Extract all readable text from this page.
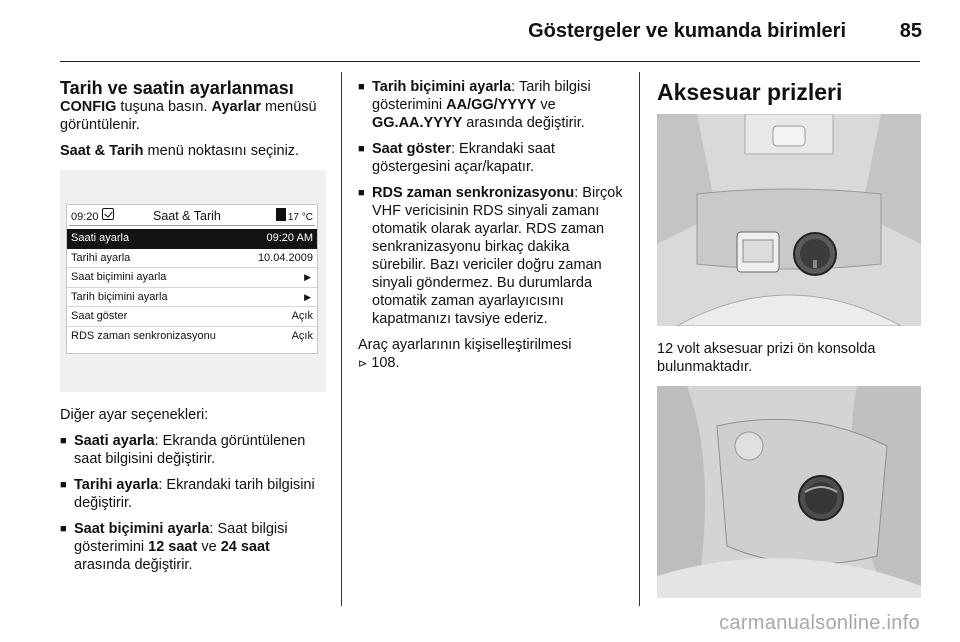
Göstergeler ve kumanda birimleri	85
Tarih ve saatin ayarlanması

CONFIG tuşuna basın. Ayarlar menüsü görüntülenir.

Saat & Tarih menü noktasını seçiniz.

09:20	Saat & Tarih	17 °C
Saati ayarla	09:20 AM
Tarihi ayarla	10.04.2009
Saat biçimini ayarla	▶
Tarih biçimini ayarla	▶
Saat göster	Açık
RDS zaman senkronizasyonu	Açık

Diğer ayar seçenekleri:

■ Saati ayarla: Ekranda görüntülenen saat bilgisini değiştirir.
■ Tarihi ayarla: Ekrandaki tarih bilgisini değiştirir.
■ Saat biçimini ayarla: Saat bilgisi gösterimini 12 saat ve 24 saat arasında değiştirir.
■ Tarih biçimini ayarla: Tarih bilgisi gösterimini AA/GG/YYYY ve GG.AA.YYYY arasında değiştirir.
■ Saat göster: Ekrandaki saat göstergesini açar/kapatır.
■ RDS zaman senkronizasyonu: Birçok VHF vericisinin RDS sinyali zamanı otomatik olarak ayarlar. RDS zaman senkranizasyonu birkaç dakika sürebilir. Bazı vericiler doğru zaman sinyali göndermez. Bu durumlarda otomatik zaman ayarlayıcısını kapatmanızı tavsiye ederiz.

Araç ayarlarının kişiselleştirilmesi
⊳ 108.

Aksesuar prizleri

12 volt aksesuar prizi ön konsolda bulunmaktadır.

carmanualsonline.info
